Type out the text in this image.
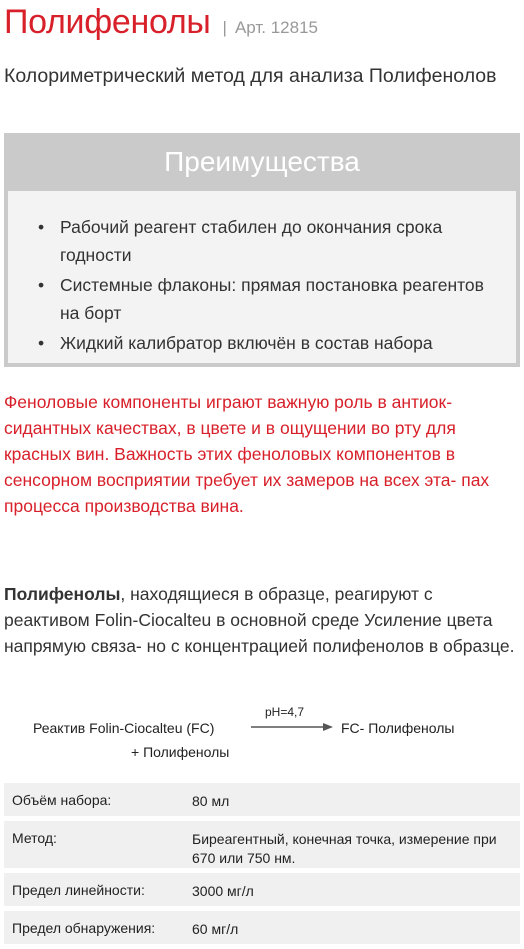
Полифенолы | Арт. 12815
Колориметрический метод для анализа Полифенолов
Преимущества
• Рабочий реагент стабилен до окончания срока годности
• Системные флаконы: прямая постановка реагентов на борт
• Жидкий калибратор включён в состав набора
Феноловые компоненты играют важную роль в антиок- сидантных качествах, в цвете и в ощущении во рту для красных вин. Важность этих феноловых компонентов в сенсорном восприятии требует их замеров на всех эта- пах процесса производства вина.
Полифенолы, находящиеся в образце, реагируют с реактивом Folin-Ciocalteu в основной среде Усиление цвета напрямую связа- но с концентрацией полифенолов в образце.
Реактив Folin-Ciocalteu (FC)
+ Полифенолы
pH=4,7
FC- Полифенолы
Объём набора:	80 мл
Метод:	Биреагентный, конечная точка, измерение при 670 или 750 нм.
Предел линейности:	3000 мг/л
Предел обнаружения:	60 мг/л
